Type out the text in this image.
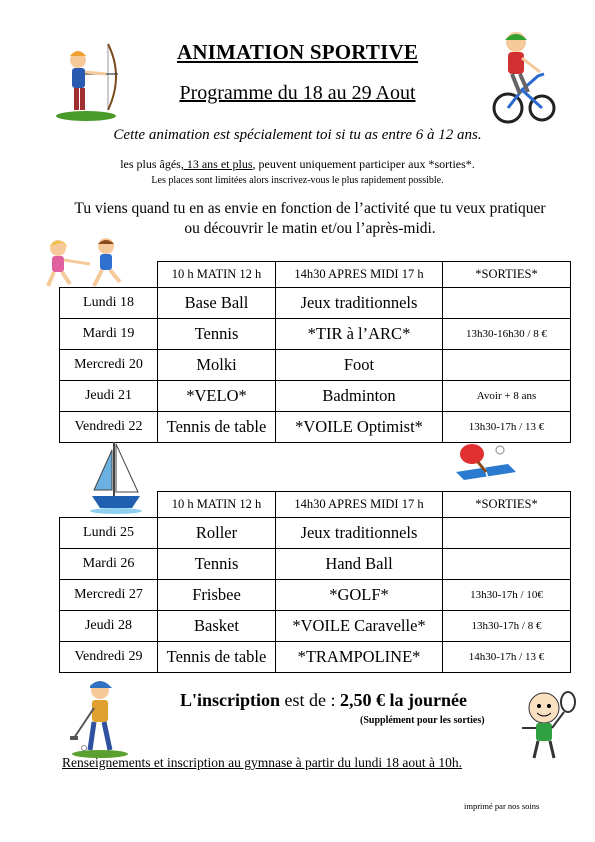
ANIMATION SPORTIVE
Programme du 18 au 29 Aout
Cette animation est spécialement toi si tu as entre 6 à 12 ans.
les plus âgés, 13 ans et plus, peuvent uniquement participer aux *sorties*.
Les places sont limitées alors inscrivez-vous le plus rapidement possible.
Tu viens quand tu en as envie en fonction de l’activité que tu veux pratiquer ou découvrir le matin et/ou l’après-midi.
	10 h MATIN 12 h	14h30 APRES MIDI 17 h	*SORTIES*
Lundi 18	Base Ball	Jeux traditionnels	
Mardi 19	Tennis	*TIR à l’ARC*	13h30-16h30 / 8 €
Mercredi 20	Molki	Foot	
Jeudi 21	*VELO*	Badminton	Avoir + 8 ans
Vendredi 22	Tennis de table	*VOILE Optimist*	13h30-17h / 13 €
	10 h MATIN 12 h	14h30 APRES MIDI 17 h	*SORTIES*
Lundi 25	Roller	Jeux traditionnels	
Mardi 26	Tennis	Hand Ball	
Mercredi 27	Frisbee	*GOLF*	13h30-17h / 10€
Jeudi 28	Basket	*VOILE Caravelle*	13h30-17h / 8 €
Vendredi 29	Tennis de table	*TRAMPOLINE*	14h30-17h / 13 €
L'inscription est de : 2,50 € la journée
(Supplément pour les sorties)
Renseignements et inscription au gymnase à partir du lundi 18 aout à 10h.
imprimé par nos soins
